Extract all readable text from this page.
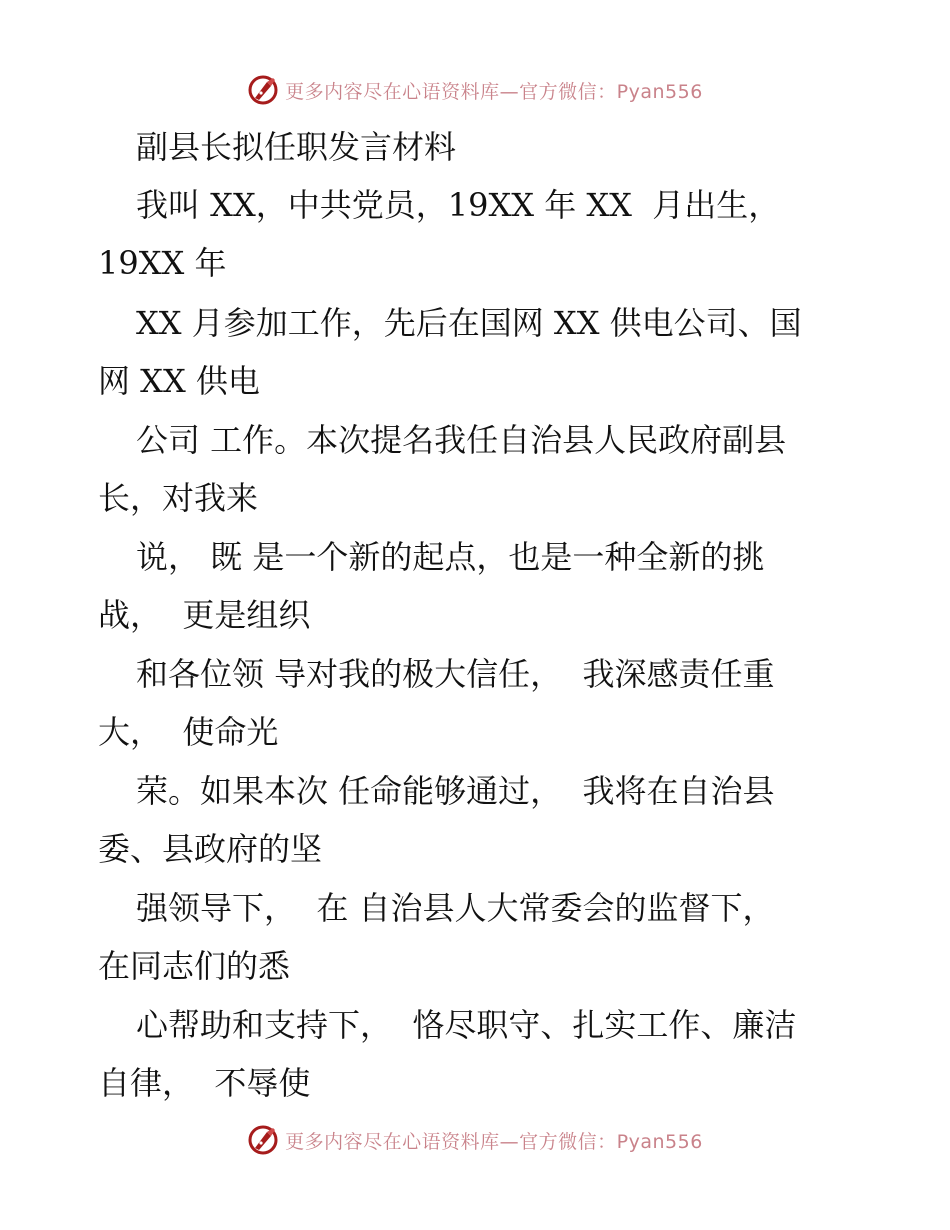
更多内容尽在心语资料库—官方微信：Pyan556
副县长拟任职发言材料
我叫 XX，中共党员，19XX 年 XX  月出生，
19XX 年
XX 月参加工作，先后在国网 XX 供电公司、国
网 XX 供电
公司 工作。本次提名我任自治县人民政府副县
长，对我来
说， 既 是一个新的起点，也是一种全新的挑
战，  更是组织
和各位领 导对我的极大信任，  我深感责任重
大，  使命光
荣。如果本次 任命能够通过，  我将在自治县
委、县政府的坚
强领导下，  在 自治县人大常委会的监督下，
在同志们的悉
心帮助和支持下，  恪尽职守、扎实工作、廉洁
自律，  不辱使
更多内容尽在心语资料库—官方微信：Pyan556
